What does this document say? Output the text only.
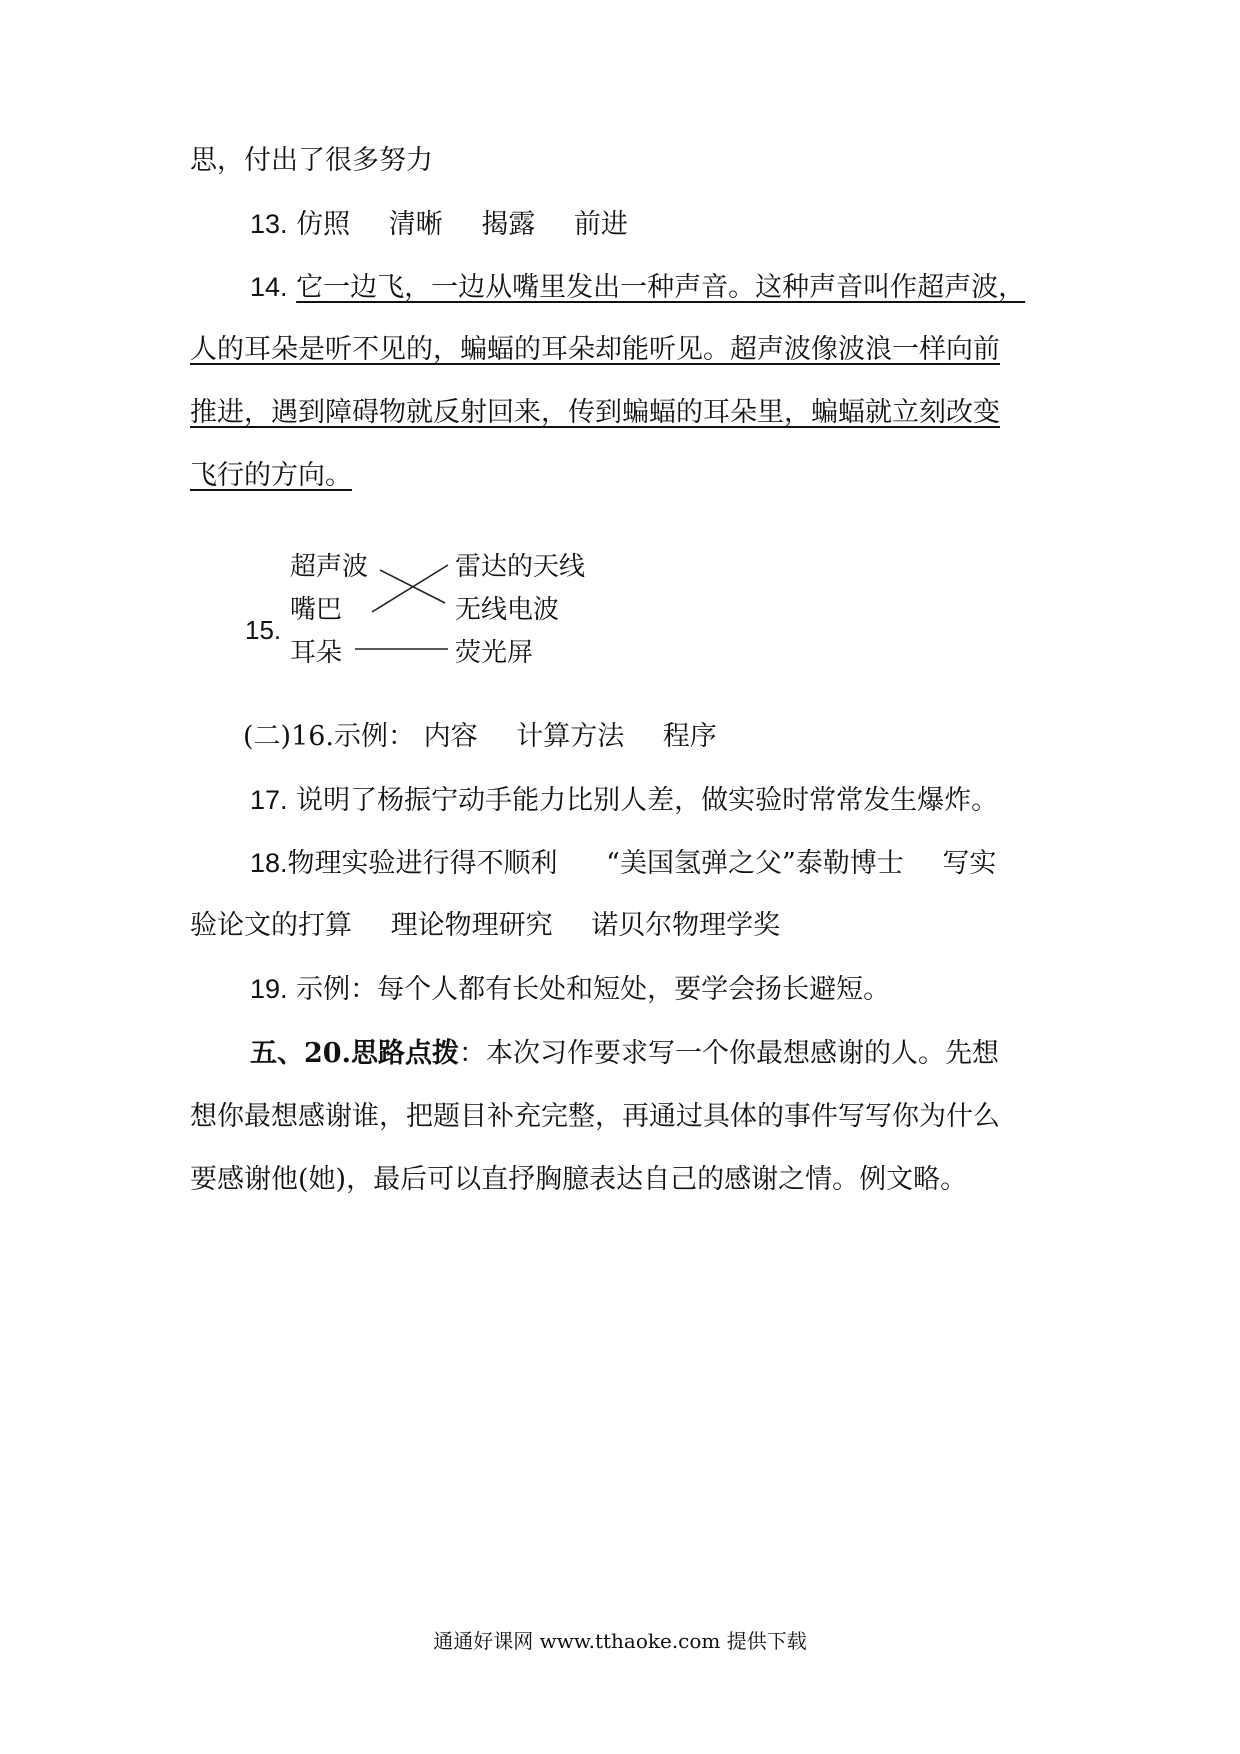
思，付出了很多努力
13. 仿照 清晰 揭露 前进
14. 它一边飞，一边从嘴里发出一种声音。这种声音叫作超声波，
人的耳朵是听不见的，蝙蝠的耳朵却能听见。超声波像波浪一样向前
推进，遇到障碍物就反射回来，传到蝙蝠的耳朵里，蝙蝠就立刻改变
飞行的方向。
15.
超声波
嘴巴
耳朵
雷达的天线
无线电波
荧光屏
(二)16.示例： 内容 计算方法 程序
17. 说明了杨振宁动手能力比别人差，做实验时常常发生爆炸。
18.物理实验进行得不顺利 “美国氢弹之父”泰勒博士 写实
验论文的打算 理论物理研究 诺贝尔物理学奖
19. 示例：每个人都有长处和短处，要学会扬长避短。
五、20.思路点拨：本次习作要求写一个你最想感谢的人。先想
想你最想感谢谁，把题目补充完整，再通过具体的事件写写你为什么
要感谢他(她)，最后可以直抒胸臆表达自己的感谢之情。例文略。
通通好课网 www.tthaoke.com 提供下载
